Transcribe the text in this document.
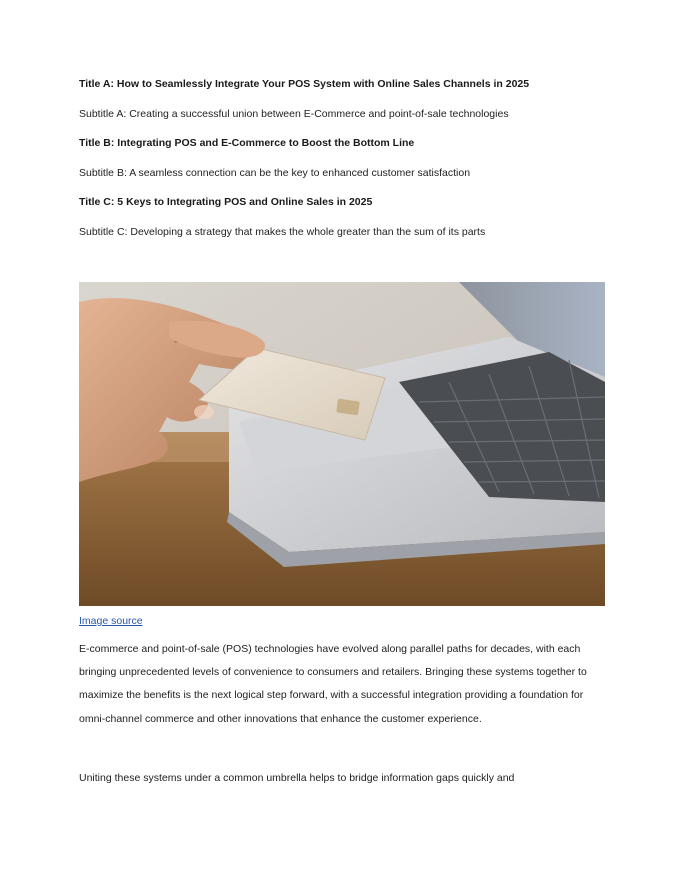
Title A: How to Seamlessly Integrate Your POS System with Online Sales Channels in 2025

Subtitle A: Creating a successful union between E-Commerce and point-of-sale technologies

Title B: Integrating POS and E-Commerce to Boost the Bottom Line

Subtitle B: A seamless connection can be the key to enhanced customer satisfaction

Title C: 5 Keys to Integrating POS and Online Sales in 2025

Subtitle C: Developing a strategy that makes the whole greater than the sum of its parts

Image source

E-commerce and point-of-sale (POS) technologies have evolved along parallel paths for decades, with each bringing unprecedented levels of convenience to consumers and retailers. Bringing these systems together to maximize the benefits is the next logical step forward, with a successful integration providing a foundation for omni-channel commerce and other innovations that enhance the customer experience.

Uniting these systems under a common umbrella helps to bridge information gaps quickly and
